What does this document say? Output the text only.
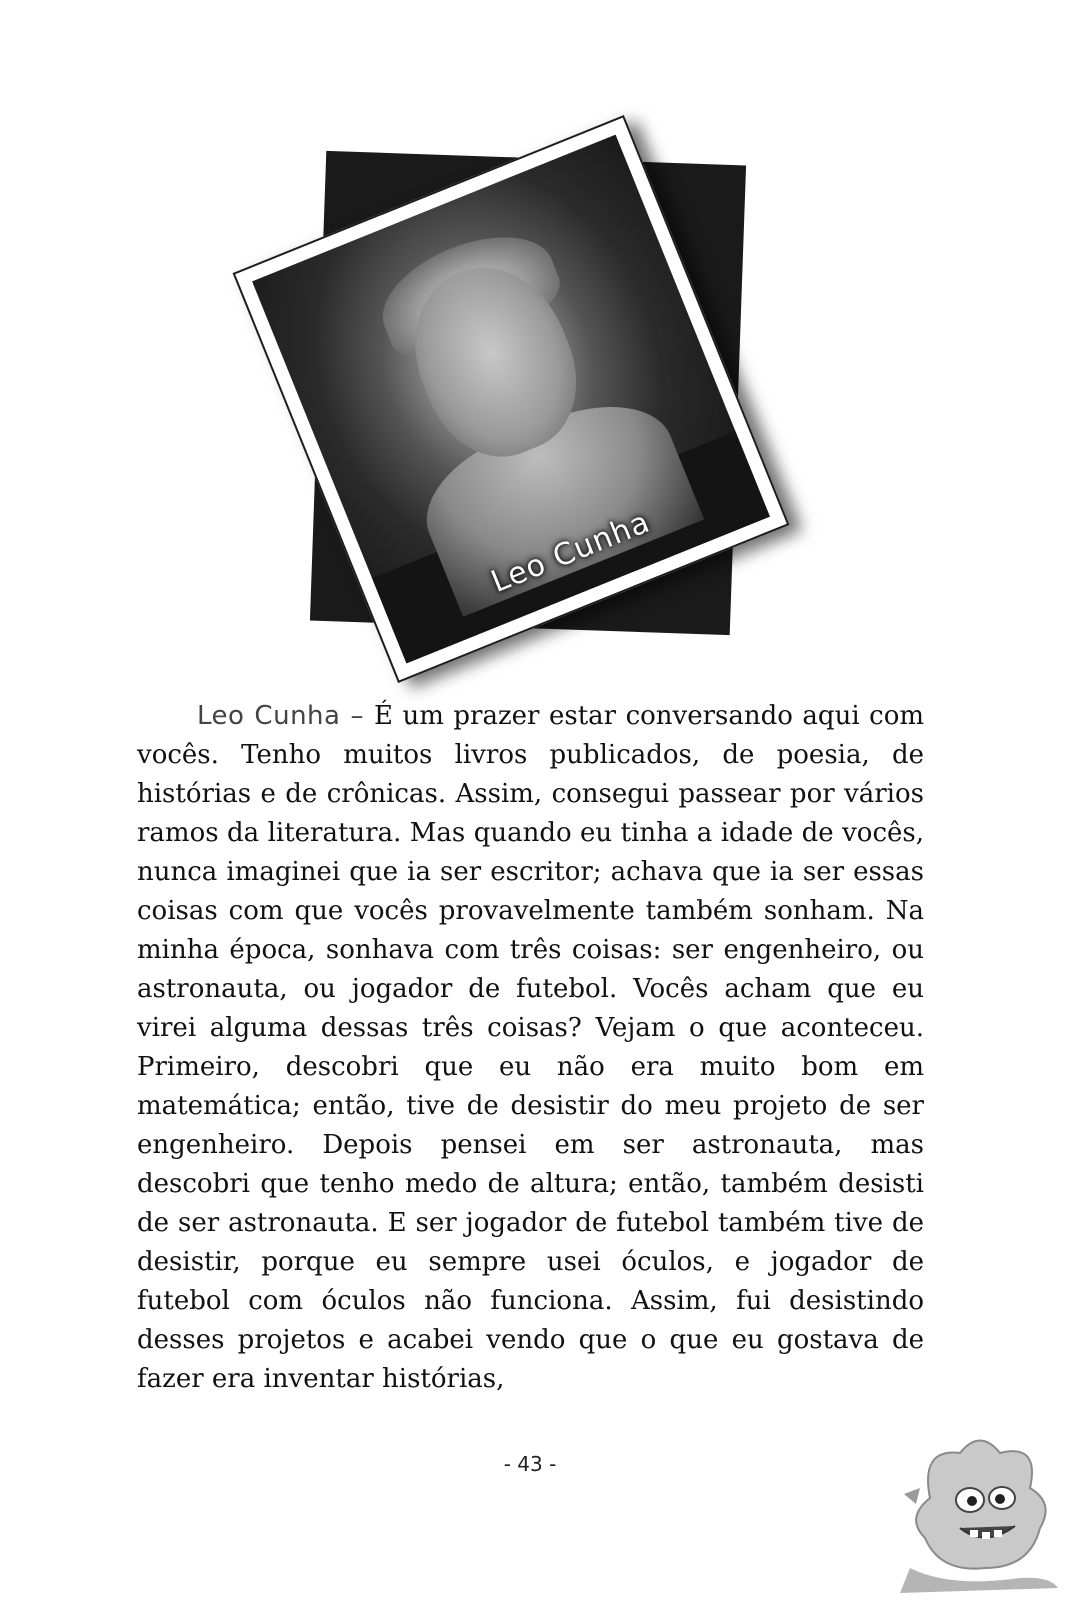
Leo Cunha

Leo Cunha – É um prazer estar conversando aqui com vocês. Tenho muitos livros publicados, de poesia, de histórias e de crônicas. Assim, consegui passear por vários ramos da literatura. Mas quando eu tinha a idade de vocês, nunca imaginei que ia ser escritor; achava que ia ser essas coisas com que vocês provavelmente também sonham. Na minha época, sonhava com três coisas: ser engenheiro, ou astronauta, ou jogador de futebol. Vocês acham que eu virei alguma dessas três coisas? Vejam o que aconteceu. Primeiro, descobri que eu não era muito bom em matemática; então, tive de desistir do meu projeto de ser engenheiro. Depois pensei em ser astronauta, mas descobri que tenho medo de altura; então, também desisti de ser astronauta. E ser jogador de futebol também tive de desistir, porque eu sempre usei óculos, e jogador de futebol com óculos não funciona. Assim, fui desistindo desses projetos e acabei vendo que o que eu gostava de fazer era inventar histórias,

- 43 -
